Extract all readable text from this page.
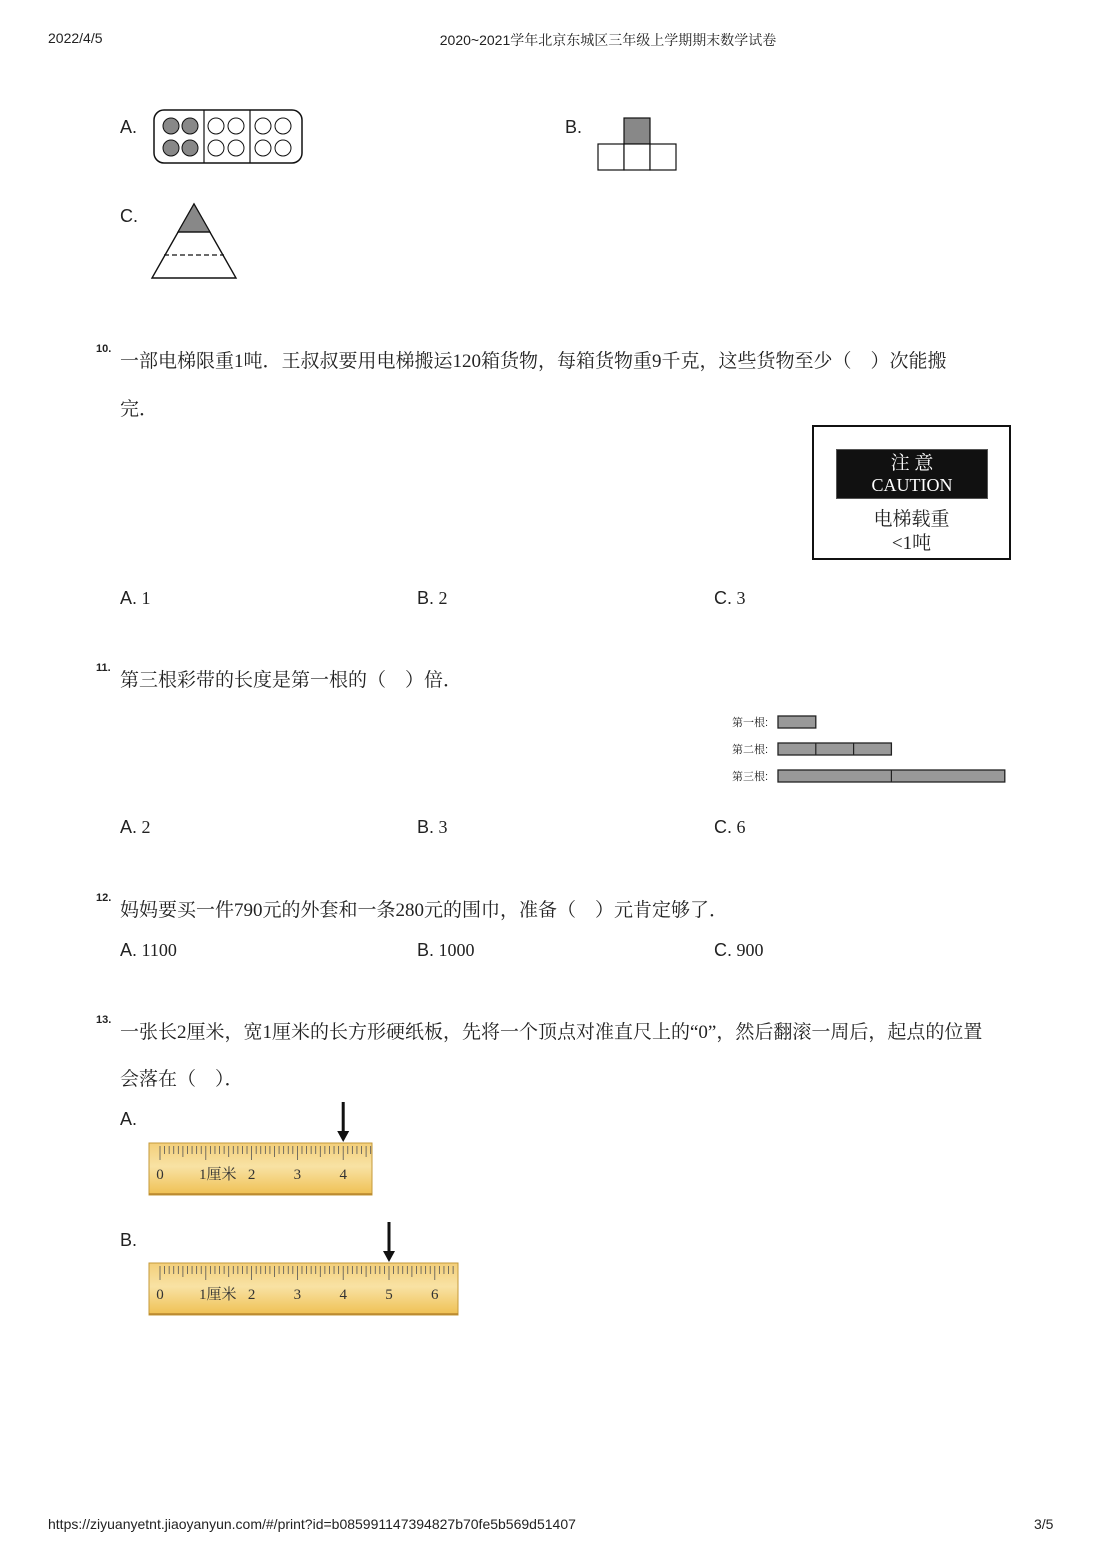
2022/4/5	2020~2021学年北京东城区三年级上学期期末数学试卷
A.	B.
C.
10.
一部电梯限重1吨．王叔叔要用电梯搬运120箱货物，每箱货物重9千克，这些货物至少（　）次能搬
完．
注 意
CAUTION
电梯载重
<1吨
A. 1	B. 2	C. 3
11.
第三根彩带的长度是第一根的（　）倍．
第一根:
第二根:
第三根:
A. 2	B. 3	C. 6
12.
妈妈要买一件790元的外套和一条280元的围巾，准备（　）元肯定够了．
A. 1100	B. 1000	C. 900
13.
一张长2厘米，宽1厘米的长方形硬纸板，先将一个顶点对准直尺上的“0”，然后翻滚一周后，起点的位置
会落在（　）．
A.
0 1厘米 2	3	4
B.
0 1厘米 2	3	4	5	6
https://ziyuanyetnt.jiaoyanyun.com/#/print?id=b085991147394827b70fe5b569d51407	3/5
